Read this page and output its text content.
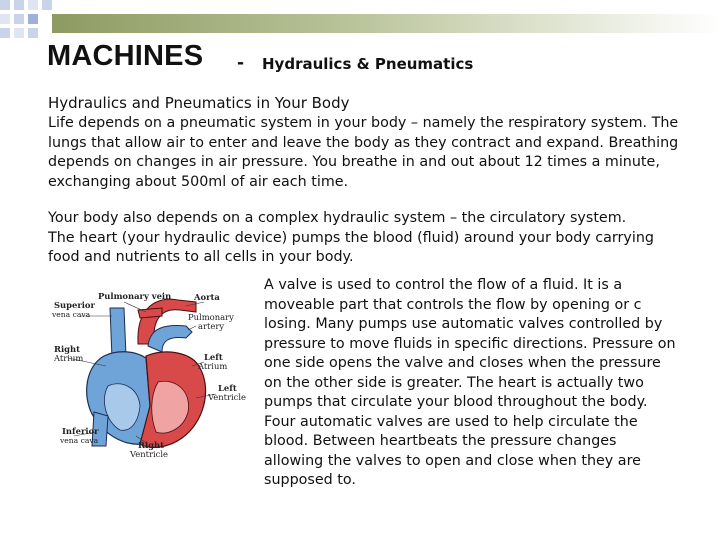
MACHINES - Hydraulics & Pneumatics
Hydraulics and Pneumatics in Your Body

Life depends on a pneumatic system in your body – namely the respiratory system. The
lungs that allow air to enter and leave the body as they contract and expand. Breathing
depends on changes in air pressure. You breathe in and out about 12 times a minute,
exchanging about 500ml of air each time.

Your body also depends on a complex hydraulic system – the circulatory system.
The heart (your hydraulic device) pumps the blood (fluid) around your body carrying
food and nutrients to all cells in your body.

A valve is used to control the flow of a fluid. It is a
moveable part that controls the flow by opening or c
losing. Many pumps use automatic valves controlled by
pressure to move fluids in specific directions. Pressure on
one side opens the valve and closes when the pressure
on the other side is greater. The heart is actually two
pumps that circulate your blood throughout the body.
Four automatic valves are used to help circulate the
blood. Between heartbeats the pressure changes
allowing the valves to open and close when they are
supposed to.

Superior
vena cava
Pulmonary vein	Aorta
Pulmonary
artery
Right
Atrium	Left
Atrium
Left
Ventricle
Inferior
vena cava	Right
Ventricle
